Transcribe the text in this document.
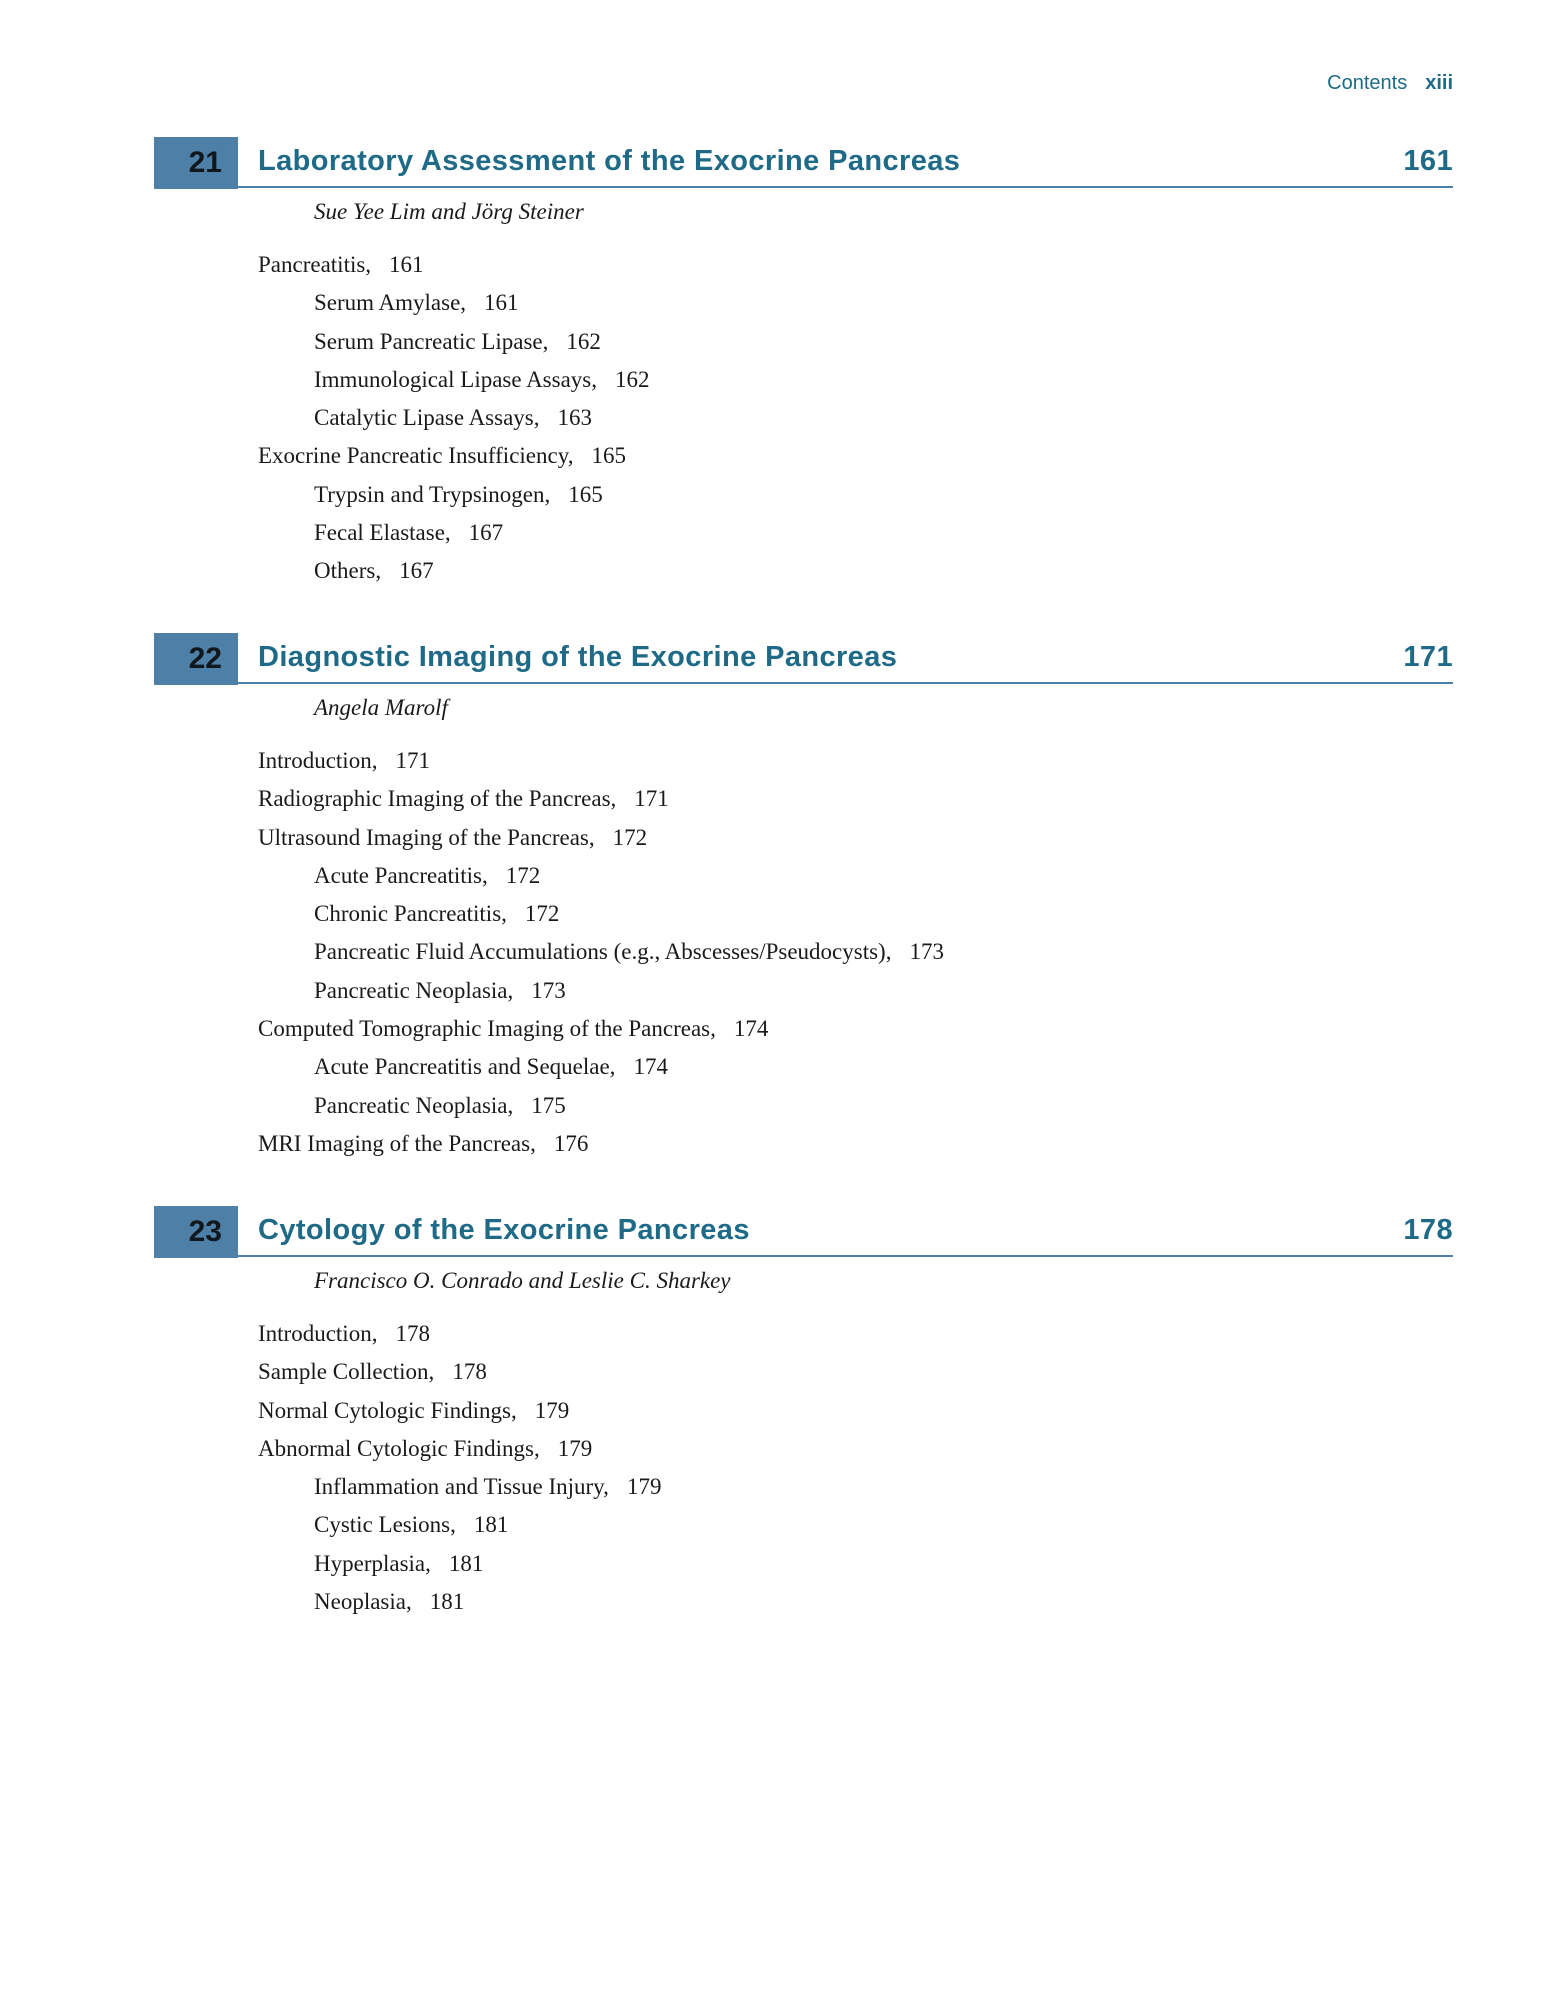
Contents xiii
21	Laboratory Assessment of the Exocrine Pancreas	161
Sue Yee Lim and Jörg Steiner
Pancreatitis, 161
Serum Amylase, 161
Serum Pancreatic Lipase, 162
Immunological Lipase Assays, 162
Catalytic Lipase Assays, 163
Exocrine Pancreatic Insufficiency, 165
Trypsin and Trypsinogen, 165
Fecal Elastase, 167
Others, 167
22	Diagnostic Imaging of the Exocrine Pancreas	171
Angela Marolf
Introduction, 171
Radiographic Imaging of the Pancreas, 171
Ultrasound Imaging of the Pancreas, 172
Acute Pancreatitis, 172
Chronic Pancreatitis, 172
Pancreatic Fluid Accumulations (e.g., Abscesses/Pseudocysts), 173
Pancreatic Neoplasia, 173
Computed Tomographic Imaging of the Pancreas, 174
Acute Pancreatitis and Sequelae, 174
Pancreatic Neoplasia, 175
MRI Imaging of the Pancreas, 176
23	Cytology of the Exocrine Pancreas	178
Francisco O. Conrado and Leslie C. Sharkey
Introduction, 178
Sample Collection, 178
Normal Cytologic Findings, 179
Abnormal Cytologic Findings, 179
Inflammation and Tissue Injury, 179
Cystic Lesions, 181
Hyperplasia, 181
Neoplasia, 181
